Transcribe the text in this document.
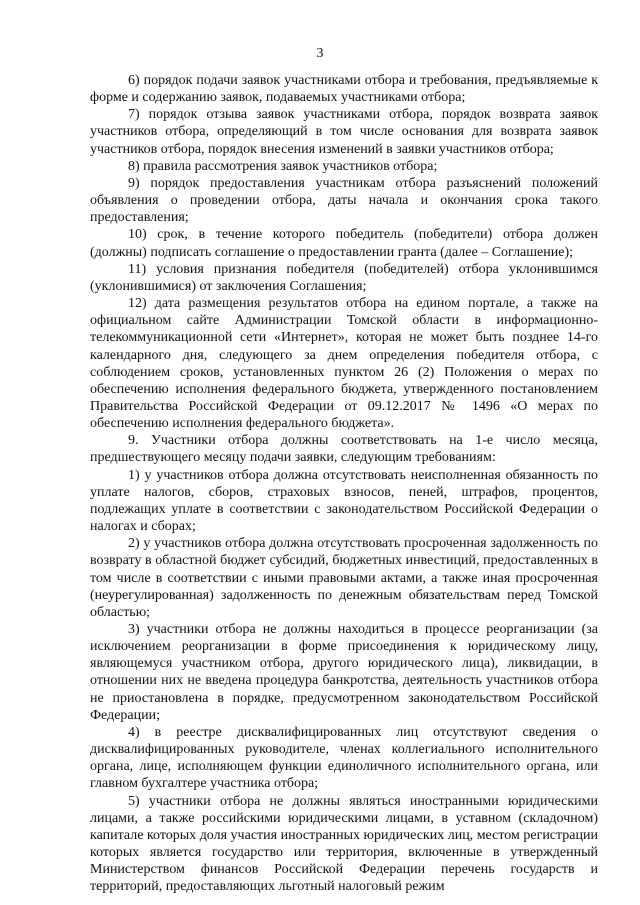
3

6) порядок подачи заявок участниками отбора и требования, предъявляемые к форме и содержанию заявок, подаваемых участниками отбора;

7) порядок отзыва заявок участниками отбора, порядок возврата заявок участников отбора, определяющий в том числе основания для возврата заявок участников отбора, порядок внесения изменений в заявки участников отбора;

8) правила рассмотрения заявок участников отбора;

9) порядок предоставления участникам отбора разъяснений положений объявления о проведении отбора, даты начала и окончания срока такого предоставления;

10) срок, в течение которого победитель (победители) отбора должен (должны) подписать соглашение о предоставлении гранта (далее – Соглашение);

11) условия признания победителя (победителей) отбора уклонившимся (уклонившимися) от заключения Соглашения;

12) дата размещения результатов отбора на едином портале, а также на официальном сайте Администрации Томской области в информационно-телекоммуникационной сети «Интернет», которая не может быть позднее 14-го календарного дня, следующего за днем определения победителя отбора, с соблюдением сроков, установленных пунктом 26 (2) Положения о мерах по обеспечению исполнения федерального бюджета, утвержденного постановлением Правительства Российской Федерации от 09.12.2017 № 1496 «О мерах по обеспечению исполнения федерального бюджета».

9. Участники отбора должны соответствовать на 1-е число месяца, предшествующего месяцу подачи заявки, следующим требованиям:

1) у участников отбора должна отсутствовать неисполненная обязанность по уплате налогов, сборов, страховых взносов, пеней, штрафов, процентов, подлежащих уплате в соответствии с законодательством Российской Федерации о налогах и сборах;

2) у участников отбора должна отсутствовать просроченная задолженность по возврату в областной бюджет субсидий, бюджетных инвестиций, предоставленных в том числе в соответствии с иными правовыми актами, а также иная просроченная (неурегулированная) задолженность по денежным обязательствам перед Томской областью;

3) участники отбора не должны находиться в процессе реорганизации (за исключением реорганизации в форме присоединения к юридическому лицу, являющемуся участником отбора, другого юридического лица), ликвидации, в отношении них не введена процедура банкротства, деятельность участников отбора не приостановлена в порядке, предусмотренном законодательством Российской Федерации;

4) в реестре дисквалифицированных лиц отсутствуют сведения о дисквалифицированных руководителе, членах коллегиального исполнительного органа, лице, исполняющем функции единоличного исполнительного органа, или главном бухгалтере участника отбора;

5) участники отбора не должны являться иностранными юридическими лицами, а также российскими юридическими лицами, в уставном (складочном) капитале которых доля участия иностранных юридических лиц, местом регистрации которых является государство или территория, включенные в утвержденный Министерством финансов Российской Федерации перечень государств и территорий, предоставляющих льготный налоговый режим
